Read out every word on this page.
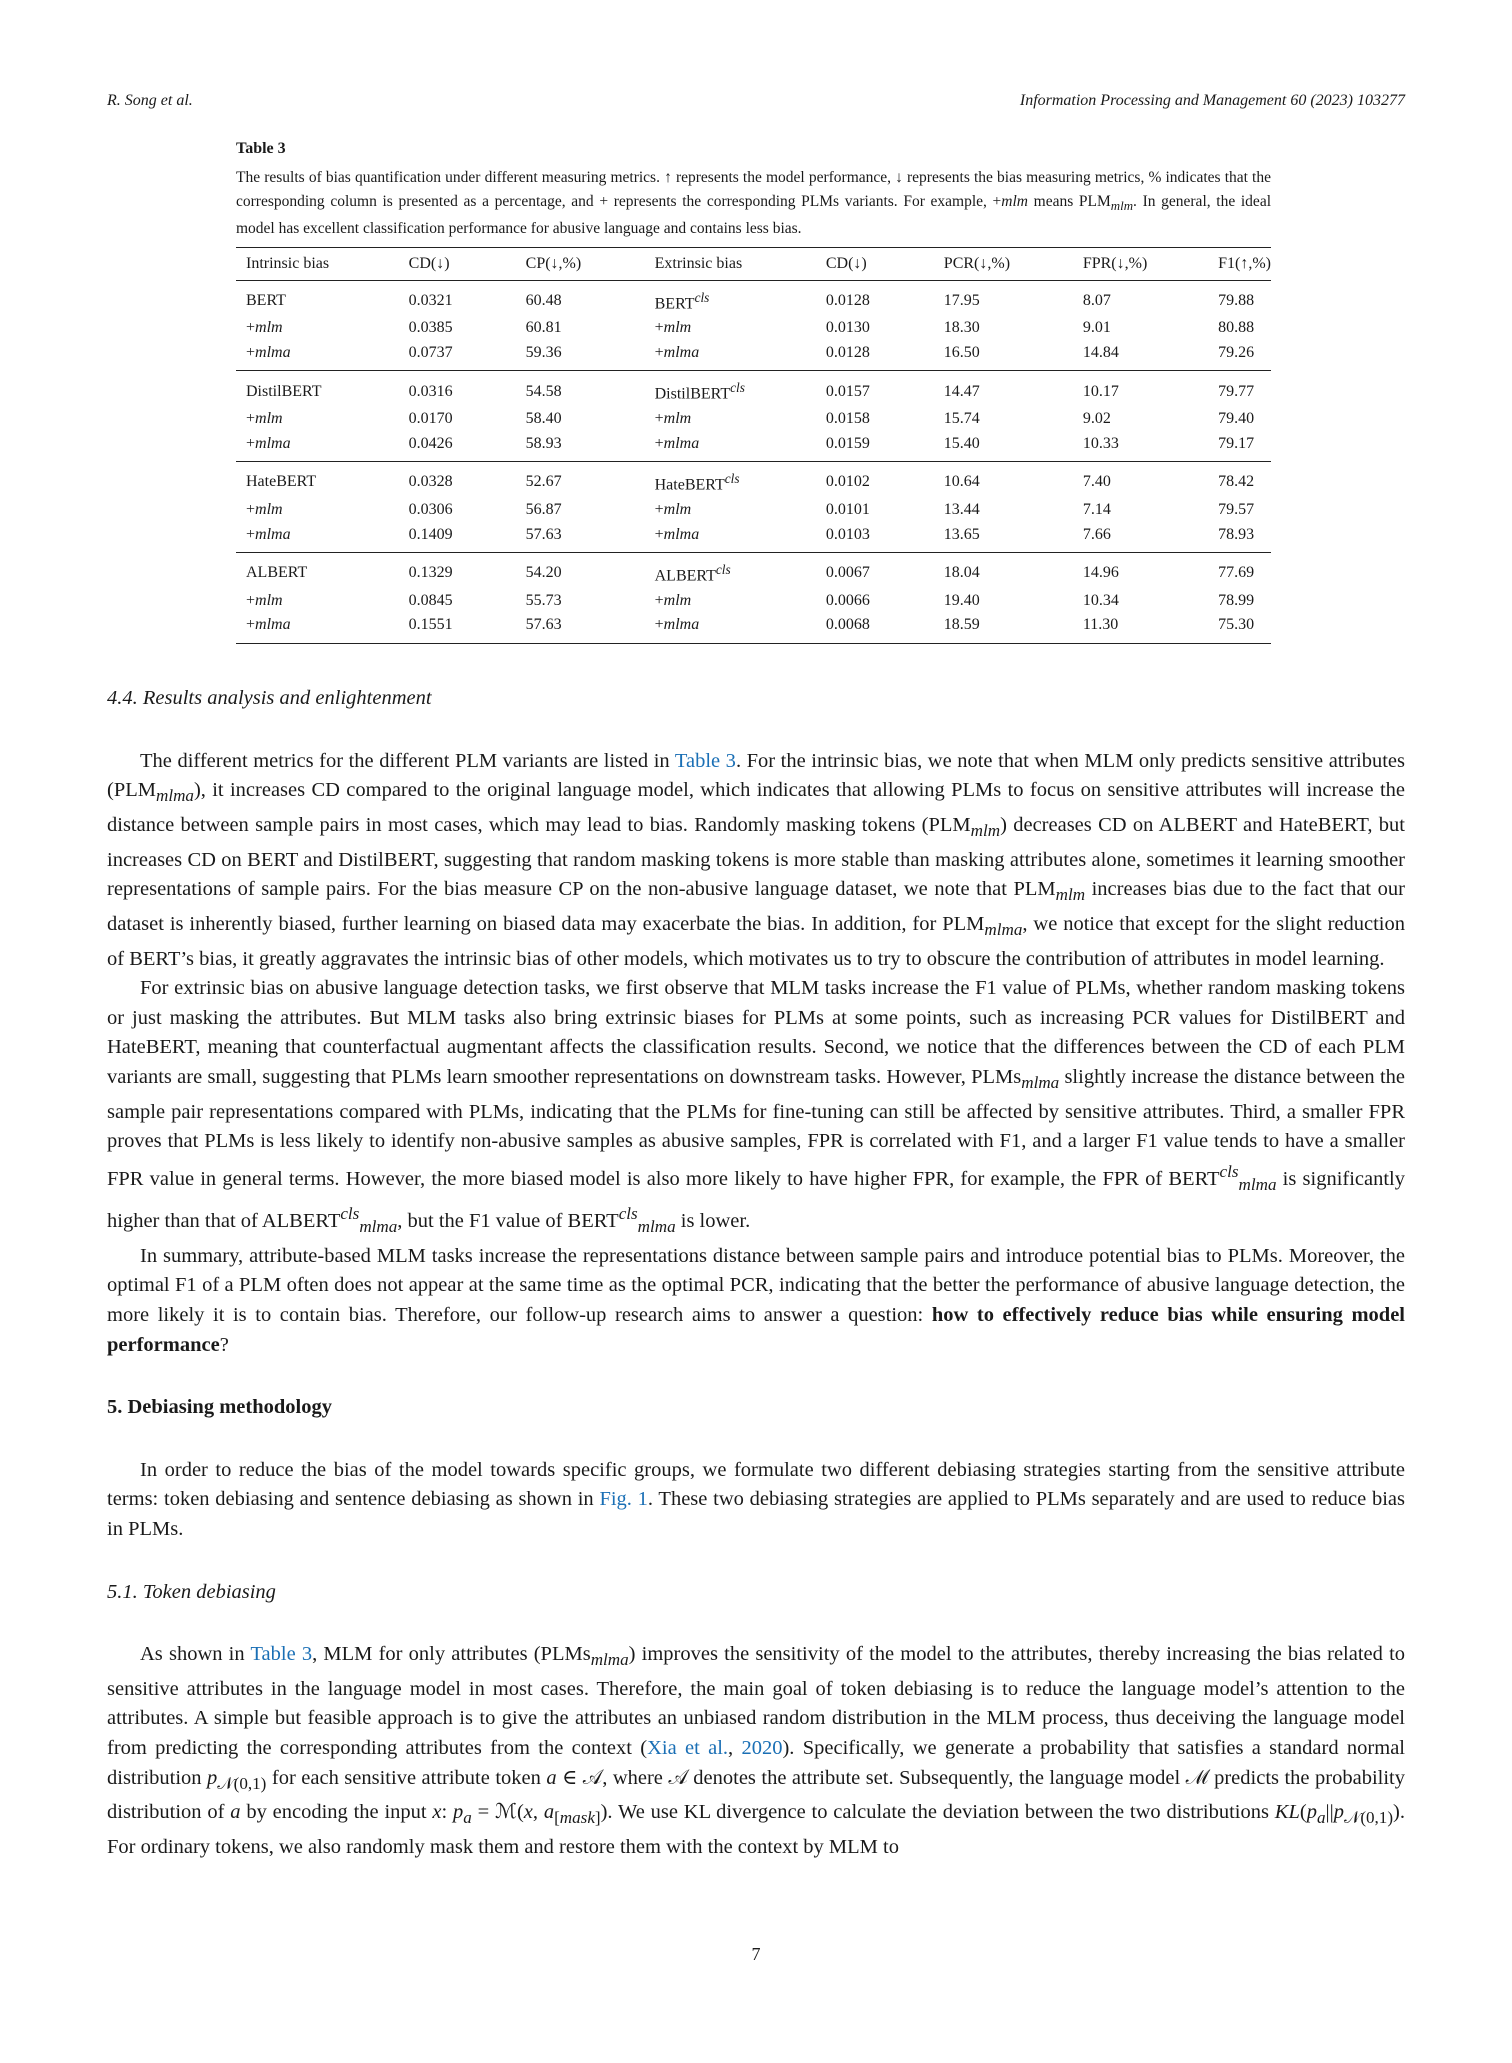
R. Song et al.	Information Processing and Management 60 (2023) 103277
Table 3
The results of bias quantification under different measuring metrics. ↑ represents the model performance, ↓ represents the bias measuring metrics, % indicates that the corresponding column is presented as a percentage, and + represents the corresponding PLMs variants. For example, +mlm means $PLM_{mlm}$. In general, the ideal model has excellent classification performance for abusive language and contains less bias.
Intrinsic bias	CD(↓)	CP(↓,%)	Extrinsic bias	CD(↓)	PCR(↓,%)	FPR(↓,%)	F1(↑,%)
BERT	0.0321	60.48	$BERT^{cls}$	0.0128	17.95	8.07	79.88
+mlm	0.0385	60.81	+mlm	0.0130	18.30	9.01	80.88
+mlma	0.0737	59.36	+mlma	0.0128	16.50	14.84	79.26
DistilBERT	0.0316	54.58	DistilBERT$^{cls}$	0.0157	14.47	10.17	79.77
+mlm	0.0170	58.40	+mlm	0.0158	15.74	9.02	79.40
+mlma	0.0426	58.93	+mlma	0.0159	15.40	10.33	79.17
HateBERT	0.0328	52.67	HateBERT$^{cls}$	0.0102	10.64	7.40	78.42
+mlm	0.0306	56.87	+mlm	0.0101	13.44	7.14	79.57
+mlma	0.1409	57.63	+mlma	0.0103	13.65	7.66	78.93
ALBERT	0.1329	54.20	$ALBERT^{cls}$	0.0067	18.04	14.96	77.69
+mlm	0.0845	55.73	+mlm	0.0066	19.40	10.34	78.99
+mlma	0.1551	57.63	+mlma	0.0068	18.59	11.30	75.30
4.4. Results analysis and enlightenment

The different metrics for the different PLM variants are listed in Table 3. For the intrinsic bias, we note that when MLM only predicts sensitive attributes $(PLM_{mlma})$, it increases CD compared to the original language model, which indicates that allowing PLMs to focus on sensitive attributes will increase the distance between sample pairs in most cases, which may lead to bias. Randomly masking tokens $(PLM_{mlm})$ decreases CD on ALBERT and HateBERT, but increases CD on BERT and DistilBERT, suggesting that random masking tokens is more stable than masking attributes alone, sometimes it learning smoother representations of sample pairs. For the bias measure CP on the non-abusive language dataset, we note that $PLM_{mlm}$ increases bias due to the fact that our dataset is inherently biased, further learning on biased data may exacerbate the bias. In addition, for $PLM_{mlma}$, we notice that except for the slight reduction of BERT’s bias, it greatly aggravates the intrinsic bias of other models, which motivates us to try to obscure the contribution of attributes in model learning.

For extrinsic bias on abusive language detection tasks, we first observe that MLM tasks increase the F1 value of PLMs, whether random masking tokens or just masking the attributes. But MLM tasks also bring extrinsic biases for PLMs at some points, such as increasing PCR values for DistilBERT and HateBERT, meaning that counterfactual augmentant affects the classification results. Second, we notice that the differences between the CD of each PLM variants are small, suggesting that PLMs learn smoother representations on downstream tasks. However, PLMs$_{mlma}$ slightly increase the distance between the sample pair representations compared with PLMs, indicating that the PLMs for fine-tuning can still be affected by sensitive attributes. Third, a smaller FPR proves that PLMs is less likely to identify non-abusive samples as abusive samples, FPR is correlated with F1, and a larger F1 value tends to have a smaller FPR value in general terms. However, the more biased model is also more likely to have higher FPR, for example, the FPR of $BERT^{cls}_{mlma}$ is significantly higher than that of $ALBERT^{cls}_{mlma}$, but the F1 value of $BERT^{cls}_{mlma}$ is lower.

In summary, attribute-based MLM tasks increase the representations distance between sample pairs and introduce potential bias to PLMs. Moreover, the optimal F1 of a PLM often does not appear at the same time as the optimal PCR, indicating that the better the performance of abusive language detection, the more likely it is to contain bias. Therefore, our follow-up research aims to answer a question: how to effectively reduce bias while ensuring model performance?

5. Debiasing methodology

In order to reduce the bias of the model towards specific groups, we formulate two different debiasing strategies starting from the sensitive attribute terms: token debiasing and sentence debiasing as shown in Fig. 1. These two debiasing strategies are applied to PLMs separately and are used to reduce bias in PLMs.

5.1. Token debiasing

As shown in Table 3, MLM for only attributes (PLMs$_{mlma}$) improves the sensitivity of the model to the attributes, thereby increasing the bias related to sensitive attributes in the language model in most cases. Therefore, the main goal of token debiasing is to reduce the language model’s attention to the attributes. A simple but feasible approach is to give the attributes an unbiased random distribution in the MLM process, thus deceiving the language model from predicting the corresponding attributes from the context (Xia et al., 2020). Specifically, we generate a probability that satisfies a standard normal distribution $p_{𝒩(0,1)}$ for each sensitive attribute token a ∈ 𝒜, where 𝒜 denotes the attribute set. Subsequently, the language model ℳ predicts the probability distribution of a by encoding the input x: $p_a$ = ℳ(x, $a_{[mask]}$). We use KL divergence to calculate the deviation between the two distributions $KL(p_a||p_{𝒩(0,1)})$. For ordinary tokens, we also randomly mask them and restore them with the context by MLM to

7
